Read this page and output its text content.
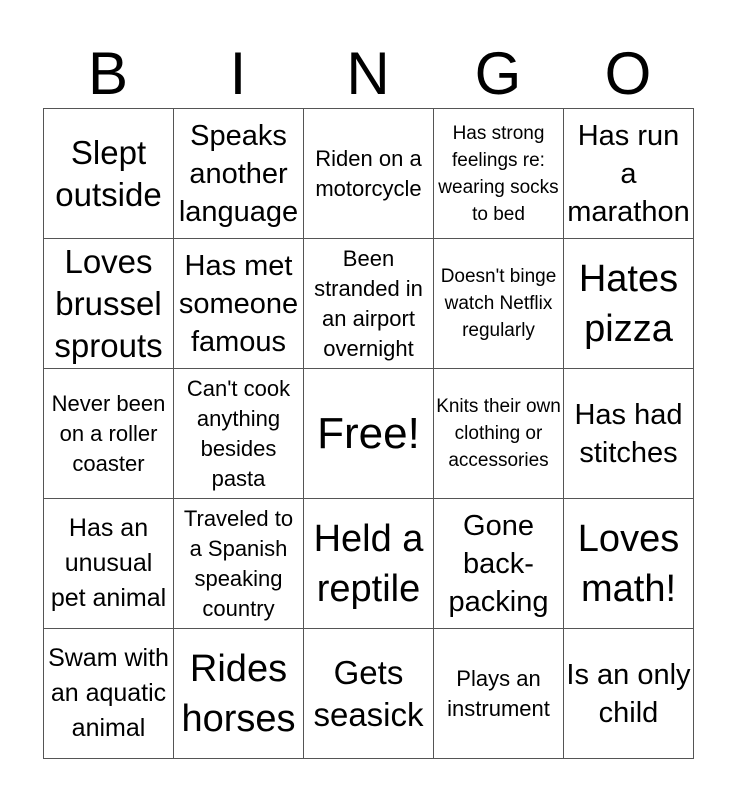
B	I	N	G	O
Slept outside	Speaks another language	Riden on a motorcycle	Has strong feelings re: wearing socks to bed	Has run a marathon

Loves brussel sprouts	Has met someone famous	Been stranded in an airport overnight	Doesn't binge watch Netflix regularly	Hates pizza

Never been on a roller coaster	Can't cook anything besides pasta	Free!	Knits their own clothing or accessories	Has had stitches

Has an unusual pet animal	Traveled to a Spanish speaking country	Held a reptile	Gone back-packing	Loves math!

Swam with an aquatic animal	Rides horses	Gets seasick	Plays an instrument	Is an only child
